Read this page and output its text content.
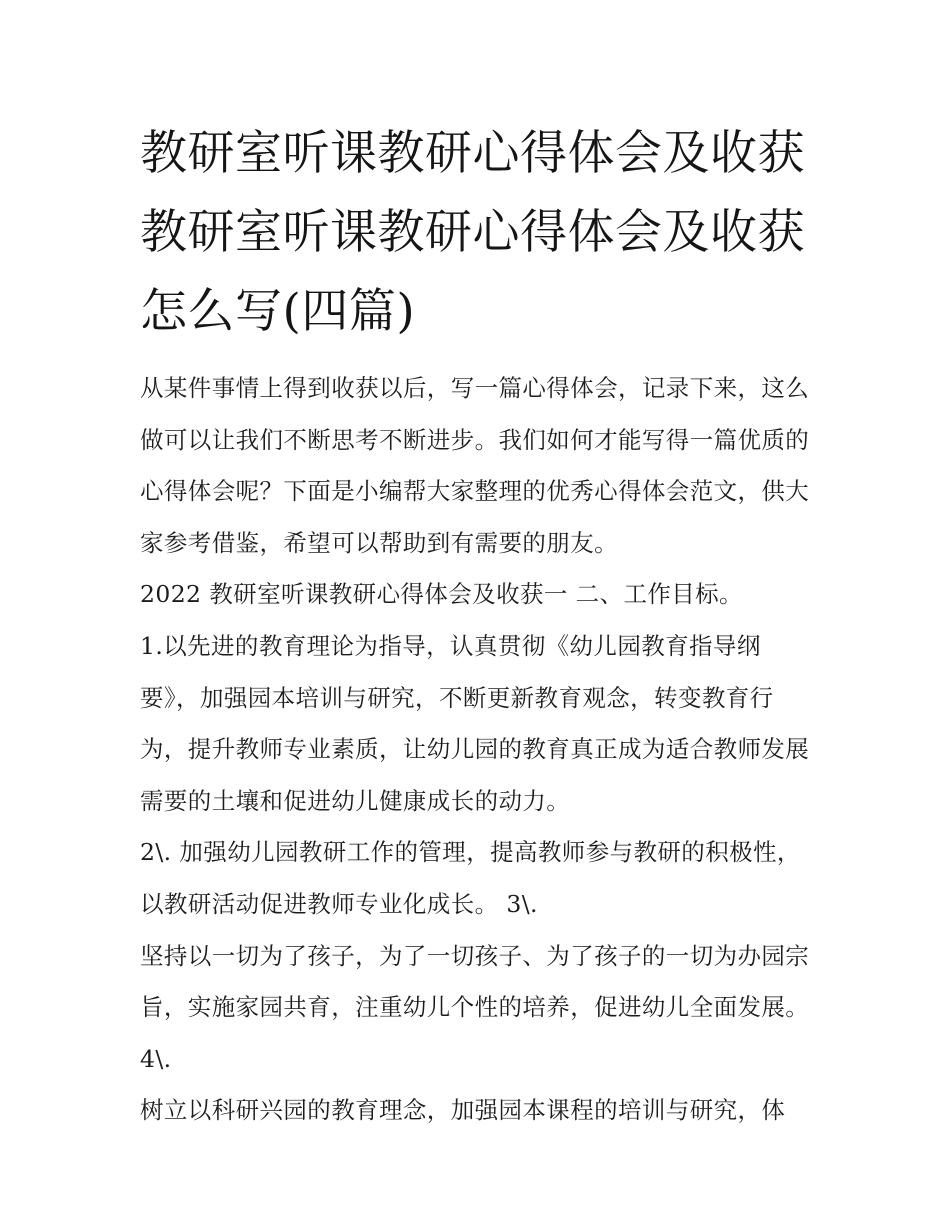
教研室听课教研心得体会及收获 教研室听课教研心得体会及收获怎么写(四篇)

从某件事情上得到收获以后，写一篇心得体会，记录下来，这么做可以让我们不断思考不断进步。我们如何才能写得一篇优质的心得体会呢？下面是小编帮大家整理的优秀心得体会范文，供大家参考借鉴，希望可以帮助到有需要的朋友。

2022 教研室听课教研心得体会及收获一 二、工作目标。

1.以先进的教育理论为指导，认真贯彻《幼儿园教育指导纲要》，加强园本培训与研究，不断更新教育观念，转变教育行为，提升教师专业素质，让幼儿园的教育真正成为适合教师发展需要的土壤和促进幼儿健康成长的动力。

2\. 加强幼儿园教研工作的管理，提高教师参与教研的积极性，以教研活动促进教师专业化成长。 3\.

坚持以一切为了孩子，为了一切孩子、为了孩子的一切为办园宗旨，实施家园共育，注重幼儿个性的培养，促进幼儿全面发展。 4\.

树立以科研兴园的教育理念，加强园本课程的培训与研究，体
